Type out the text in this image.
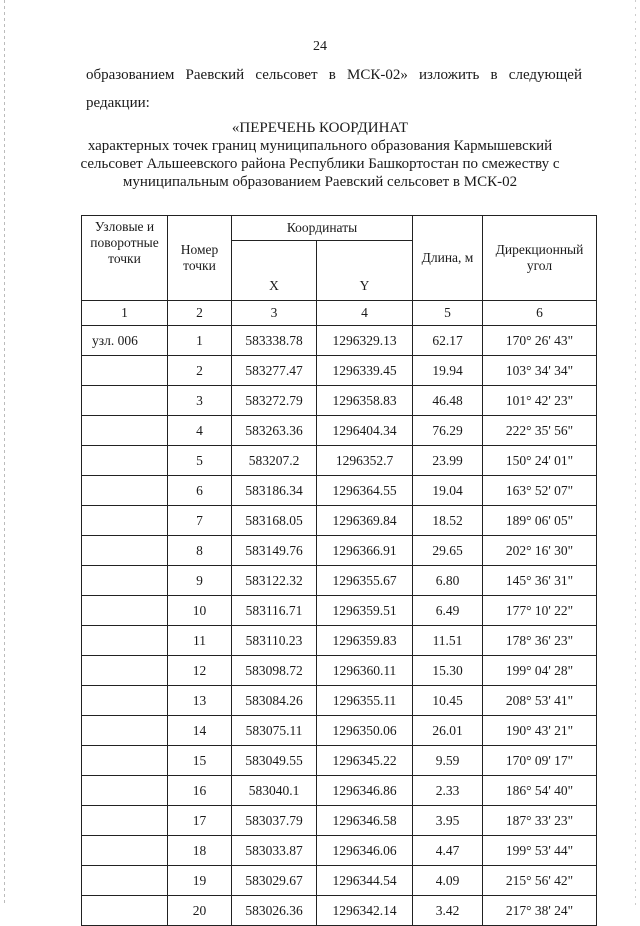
24
образованием Раевский сельсовет в МСК-02» изложить в следующей
редакции:
«ПЕРЕЧЕНЬ КООРДИНАТ
характерных точек границ муниципального образования Кармышевский сельсовет Альшеевского района Республики Башкортостан по смежеству с муниципальным образованием Раевский сельсовет в МСК-02
Узловые и поворотные точки	Номер точки	Координаты		Длина, м	Дирекционный угол
		X	Y		
1	2	3	4	5	6
узл. 006	1	583338.78	1296329.13	62.17	170° 26' 43"
	2	583277.47	1296339.45	19.94	103° 34' 34"
	3	583272.79	1296358.83	46.48	101° 42' 23"
	4	583263.36	1296404.34	76.29	222° 35' 56"
	5	583207.2	1296352.7	23.99	150° 24' 01"
	6	583186.34	1296364.55	19.04	163° 52' 07"
	7	583168.05	1296369.84	18.52	189° 06' 05"
	8	583149.76	1296366.91	29.65	202° 16' 30"
	9	583122.32	1296355.67	6.80	145° 36' 31"
	10	583116.71	1296359.51	6.49	177° 10' 22"
	11	583110.23	1296359.83	11.51	178° 36' 23"
	12	583098.72	1296360.11	15.30	199° 04' 28"
	13	583084.26	1296355.11	10.45	208° 53' 41"
	14	583075.11	1296350.06	26.01	190° 43' 21"
	15	583049.55	1296345.22	9.59	170° 09' 17"
	16	583040.1	1296346.86	2.33	186° 54' 40"
	17	583037.79	1296346.58	3.95	187° 33' 23"
	18	583033.87	1296346.06	4.47	199° 53' 44"
	19	583029.67	1296344.54	4.09	215° 56' 42"
	20	583026.36	1296342.14	3.42	217° 38' 24"
